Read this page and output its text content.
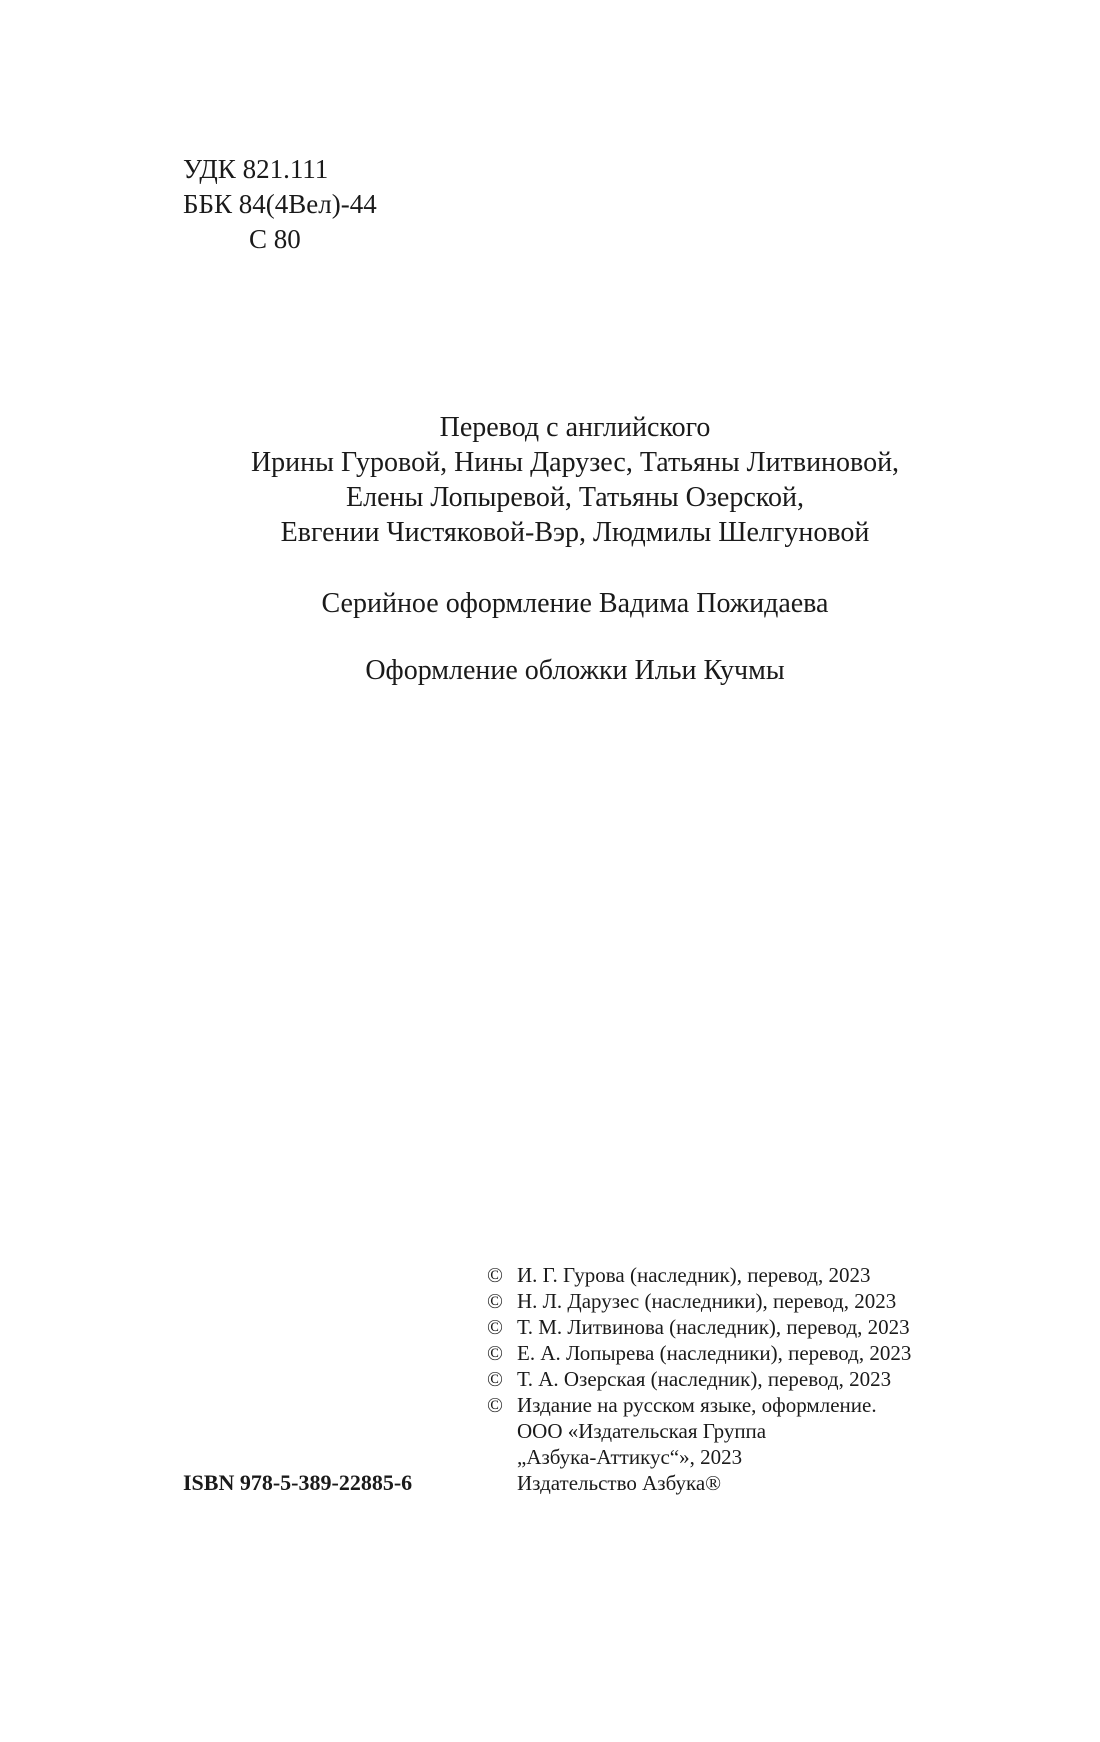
УДК 821.111
ББК 84(4Вел)-44
С 80
Перевод с английского
Ирины Гуровой, Нины Дарузес, Татьяны Литвиновой,
Елены Лопыревой, Татьяны Озерской,
Евгении Чистяковой-Вэр, Людмилы Шелгуновой
Серийное оформление Вадима Пожидаева
Оформление обложки Ильи Кучмы
© И. Г. Гурова (наследник), перевод, 2023
© Н. Л. Дарузес (наследники), перевод, 2023
© Т. М. Литвинова (наследник), перевод, 2023
© Е. А. Лопырева (наследники), перевод, 2023
© Т. А. Озерская (наследник), перевод, 2023
© Издание на русском языке, оформление.
ООО «Издательская Группа
„Азбука-Аттикус“», 2023
Издательство Азбука®
ISBN 978-5-389-22885-6
